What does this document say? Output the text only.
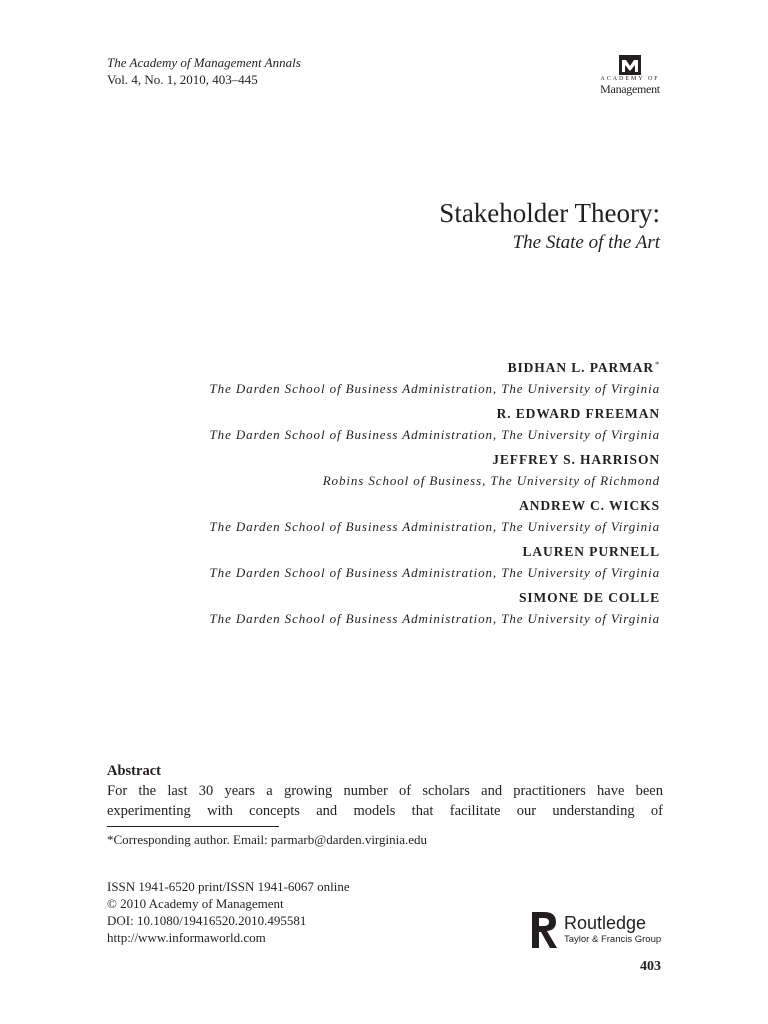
The Academy of Management Annals
Vol. 4, No. 1, 2010, 403–445	ACADEMY OF
Management
Stakeholder Theory:
The State of the Art
BIDHAN L. PARMAR*
The Darden School of Business Administration, The University of Virginia
R. EDWARD FREEMAN
The Darden School of Business Administration, The University of Virginia
JEFFREY S. HARRISON
Robins School of Business, The University of Richmond
ANDREW C. WICKS
The Darden School of Business Administration, The University of Virginia
LAUREN PURNELL
The Darden School of Business Administration, The University of Virginia
SIMONE DE COLLE
The Darden School of Business Administration, The University of Virginia
Abstract
For the last 30 years a growing number of scholars and practitioners have been
experimenting with concepts and models that facilitate our understanding of
*Corresponding author. Email: parmarb@darden.virginia.edu
ISSN 1941-6520 print/ISSN 1941-6067 online
© 2010 Academy of Management
DOI: 10.1080/19416520.2010.495581
http://www.informaworld.com
ROUTLEDGE Routledge
Taylor & Francis Group
403
